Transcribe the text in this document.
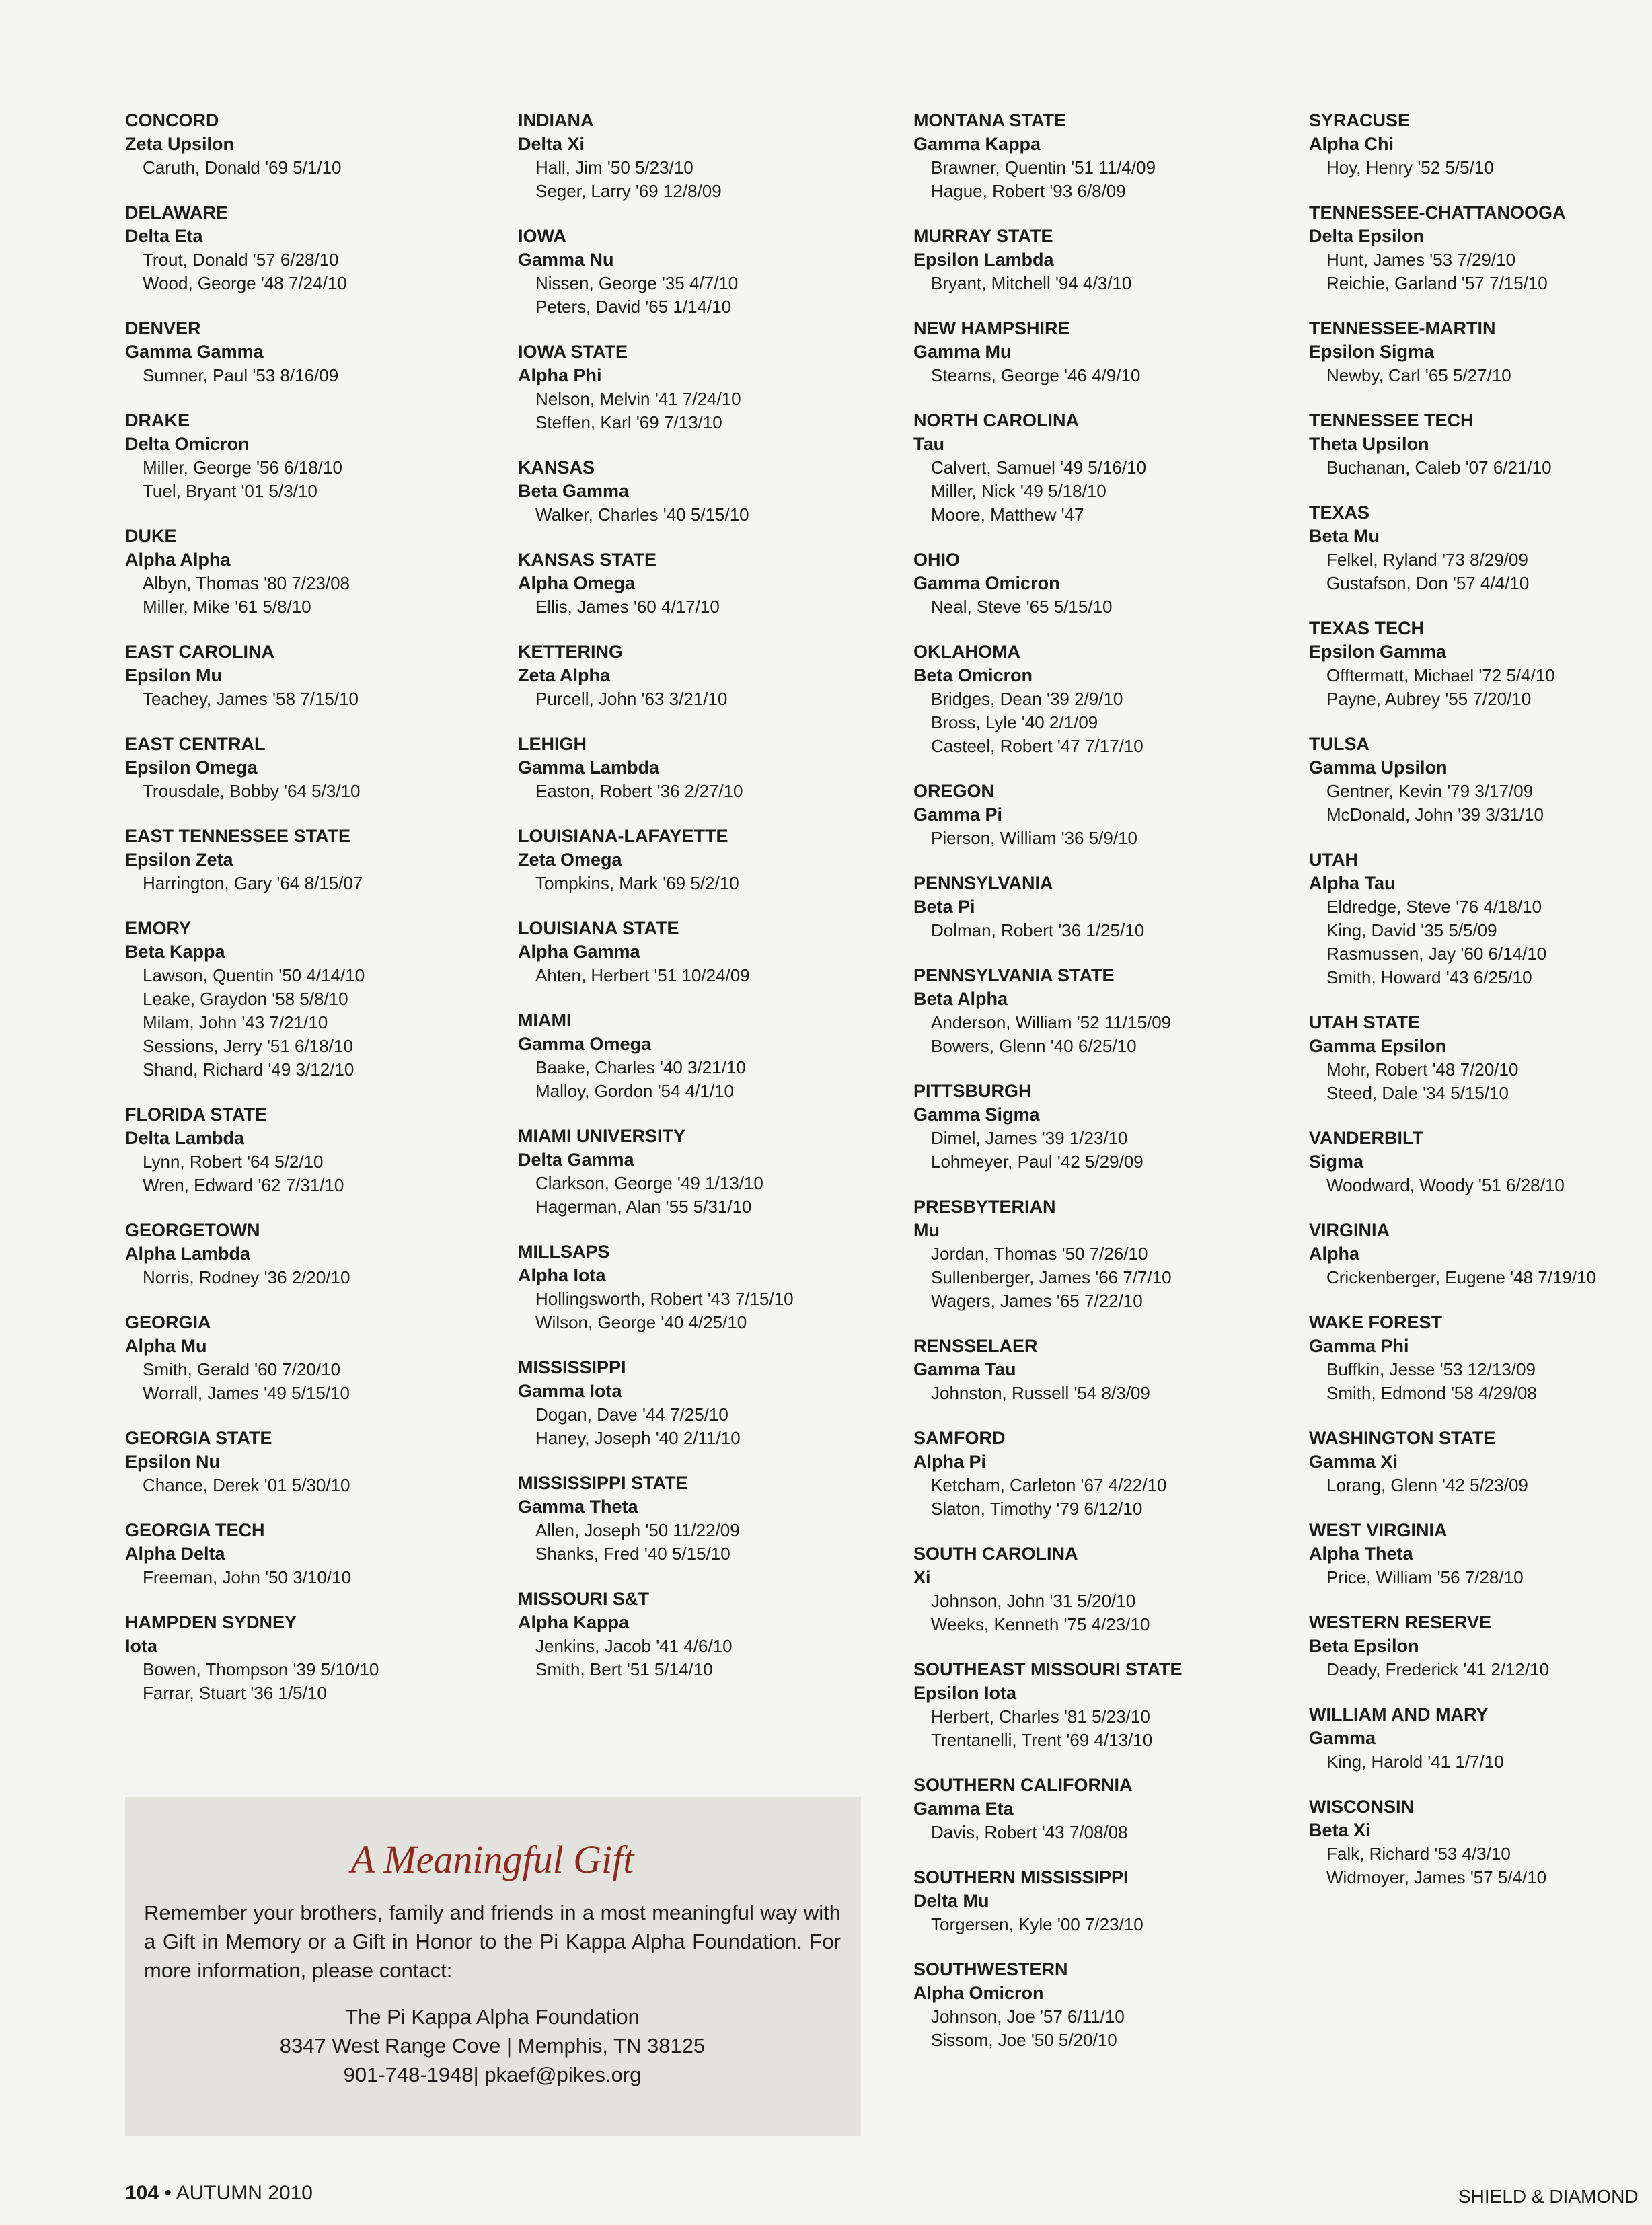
CONCORD
Zeta Upsilon
Caruth, Donald '69 5/1/10
DELAWARE
Delta Eta
Trout, Donald '57 6/28/10
Wood, George '48 7/24/10
DENVER
Gamma Gamma
Sumner, Paul '53 8/16/09
DRAKE
Delta Omicron
Miller, George '56 6/18/10
Tuel, Bryant '01 5/3/10
DUKE
Alpha Alpha
Albyn, Thomas '80 7/23/08
Miller, Mike '61 5/8/10
EAST CAROLINA
Epsilon Mu
Teachey, James '58 7/15/10
EAST CENTRAL
Epsilon Omega
Trousdale, Bobby '64 5/3/10
EAST TENNESSEE STATE
Epsilon Zeta
Harrington, Gary '64 8/15/07
EMORY
Beta Kappa
Lawson, Quentin '50 4/14/10
Leake, Graydon '58 5/8/10
Milam, John '43 7/21/10
Sessions, Jerry '51 6/18/10
Shand, Richard '49 3/12/10
FLORIDA STATE
Delta Lambda
Lynn, Robert '64 5/2/10
Wren, Edward '62 7/31/10
GEORGETOWN
Alpha Lambda
Norris, Rodney '36 2/20/10
GEORGIA
Alpha Mu
Smith, Gerald '60 7/20/10
Worrall, James '49 5/15/10
GEORGIA STATE
Epsilon Nu
Chance, Derek '01 5/30/10
GEORGIA TECH
Alpha Delta
Freeman, John '50 3/10/10
HAMPDEN SYDNEY
Iota
Bowen, Thompson '39 5/10/10
Farrar, Stuart '36 1/5/10
INDIANA
Delta Xi
Hall, Jim '50 5/23/10
Seger, Larry '69 12/8/09
IOWA
Gamma Nu
Nissen, George '35 4/7/10
Peters, David '65 1/14/10
IOWA STATE
Alpha Phi
Nelson, Melvin '41 7/24/10
Steffen, Karl '69 7/13/10
KANSAS
Beta Gamma
Walker, Charles '40 5/15/10
KANSAS STATE
Alpha Omega
Ellis, James '60 4/17/10
KETTERING
Zeta Alpha
Purcell, John '63 3/21/10
LEHIGH
Gamma Lambda
Easton, Robert '36 2/27/10
LOUISIANA-LAFAYETTE
Zeta Omega
Tompkins, Mark '69 5/2/10
LOUISIANA STATE
Alpha Gamma
Ahten, Herbert '51 10/24/09
MIAMI
Gamma Omega
Baake, Charles '40 3/21/10
Malloy, Gordon '54 4/1/10
MIAMI UNIVERSITY
Delta Gamma
Clarkson, George '49 1/13/10
Hagerman, Alan '55 5/31/10
MILLSAPS
Alpha Iota
Hollingsworth, Robert '43 7/15/10
Wilson, George '40 4/25/10
MISSISSIPPI
Gamma Iota
Dogan, Dave '44 7/25/10
Haney, Joseph '40 2/11/10
MISSISSIPPI STATE
Gamma Theta
Allen, Joseph '50 11/22/09
Shanks, Fred '40 5/15/10
MISSOURI S&T
Alpha Kappa
Jenkins, Jacob '41 4/6/10
Smith, Bert '51 5/14/10
MONTANA STATE
Gamma Kappa
Brawner, Quentin '51 11/4/09
Hague, Robert '93 6/8/09
MURRAY STATE
Epsilon Lambda
Bryant, Mitchell '94 4/3/10
NEW HAMPSHIRE
Gamma Mu
Stearns, George '46 4/9/10
NORTH CAROLINA
Tau
Calvert, Samuel '49 5/16/10
Miller, Nick '49 5/18/10
Moore, Matthew '47
OHIO
Gamma Omicron
Neal, Steve '65 5/15/10
OKLAHOMA
Beta Omicron
Bridges, Dean '39 2/9/10
Bross, Lyle '40 2/1/09
Casteel, Robert '47 7/17/10
OREGON
Gamma Pi
Pierson, William '36 5/9/10
PENNSYLVANIA
Beta Pi
Dolman, Robert '36 1/25/10
PENNSYLVANIA STATE
Beta Alpha
Anderson, William '52 11/15/09
Bowers, Glenn '40 6/25/10
PITTSBURGH
Gamma Sigma
Dimel, James '39 1/23/10
Lohmeyer, Paul '42 5/29/09
PRESBYTERIAN
Mu
Jordan, Thomas '50 7/26/10
Sullenberger, James '66 7/7/10
Wagers, James '65 7/22/10
RENSSELAER
Gamma Tau
Johnston, Russell '54 8/3/09
SAMFORD
Alpha Pi
Ketcham, Carleton '67 4/22/10
Slaton, Timothy '79 6/12/10
SOUTH CAROLINA
Xi
Johnson, John '31 5/20/10
Weeks, Kenneth '75 4/23/10
SOUTHEAST MISSOURI STATE
Epsilon Iota
Herbert, Charles '81 5/23/10
Trentanelli, Trent '69 4/13/10
SOUTHERN CALIFORNIA
Gamma Eta
Davis, Robert '43 7/08/08
SOUTHERN MISSISSIPPI
Delta Mu
Torgersen, Kyle '00 7/23/10
SOUTHWESTERN
Alpha Omicron
Johnson, Joe '57 6/11/10
Sissom, Joe '50 5/20/10
SYRACUSE
Alpha Chi
Hoy, Henry '52 5/5/10
TENNESSEE-CHATTANOOGA
Delta Epsilon
Hunt, James '53 7/29/10
Reichie, Garland '57 7/15/10
TENNESSEE-MARTIN
Epsilon Sigma
Newby, Carl '65 5/27/10
TENNESSEE TECH
Theta Upsilon
Buchanan, Caleb '07 6/21/10
TEXAS
Beta Mu
Felkel, Ryland '73 8/29/09
Gustafson, Don '57 4/4/10
TEXAS TECH
Epsilon Gamma
Offtermatt, Michael '72 5/4/10
Payne, Aubrey '55 7/20/10
TULSA
Gamma Upsilon
Gentner, Kevin '79 3/17/09
McDonald, John '39 3/31/10
UTAH
Alpha Tau
Eldredge, Steve '76 4/18/10
King, David '35 5/5/09
Rasmussen, Jay '60 6/14/10
Smith, Howard '43 6/25/10
UTAH STATE
Gamma Epsilon
Mohr, Robert '48 7/20/10
Steed, Dale '34 5/15/10
VANDERBILT
Sigma
Woodward, Woody '51 6/28/10
VIRGINIA
Alpha
Crickenberger, Eugene '48 7/19/10
WAKE FOREST
Gamma Phi
Buffkin, Jesse '53 12/13/09
Smith, Edmond '58 4/29/08
WASHINGTON STATE
Gamma Xi
Lorang, Glenn '42 5/23/09
WEST VIRGINIA
Alpha Theta
Price, William '56 7/28/10
WESTERN RESERVE
Beta Epsilon
Deady, Frederick '41 2/12/10
WILLIAM AND MARY
Gamma
King, Harold '41 1/7/10
WISCONSIN
Beta Xi
Falk, Richard '53 4/3/10
Widmoyer, James '57 5/4/10
A Meaningful Gift
Remember your brothers, family and friends in a most meaningful way with a Gift in Memory or a Gift in Honor to the Pi Kappa Alpha Foundation. For more information, please contact:
The Pi Kappa Alpha Foundation
8347 West Range Cove | Memphis, TN 38125
901-748-1948| pkaef@pikes.org
104 • AUTUMN 2010	SHIELD & DIAMOND
